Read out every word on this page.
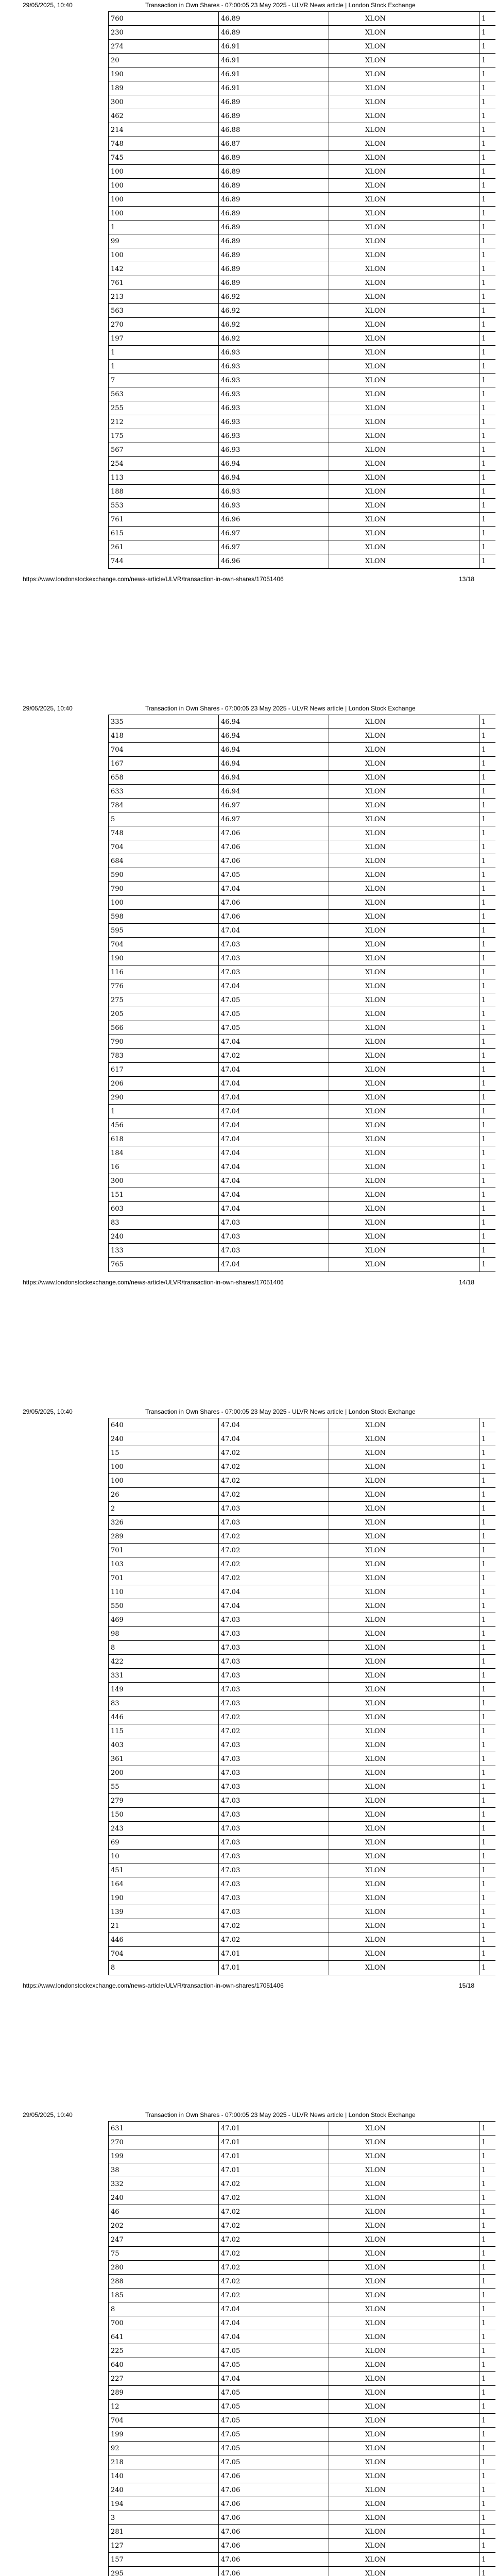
29/05/2025, 10:40	Transaction in Own Shares - 07:00:05 23 May 2025 - ULVR News article | London Stock Exchange
760	46.89	XLON	1
230	46.89	XLON	1
274	46.91	XLON	1
20	46.91	XLON	1
190	46.91	XLON	1
189	46.91	XLON	1
300	46.89	XLON	1
462	46.89	XLON	1
214	46.88	XLON	1
748	46.87	XLON	1
745	46.89	XLON	1
100	46.89	XLON	1
100	46.89	XLON	1
100	46.89	XLON	1
100	46.89	XLON	1
1	46.89	XLON	1
99	46.89	XLON	1
100	46.89	XLON	1
142	46.89	XLON	1
761	46.89	XLON	1
213	46.92	XLON	1
563	46.92	XLON	1
270	46.92	XLON	1
197	46.92	XLON	1
1	46.93	XLON	1
1	46.93	XLON	1
7	46.93	XLON	1
563	46.93	XLON	1
255	46.93	XLON	1
212	46.93	XLON	1
175	46.93	XLON	1
567	46.93	XLON	1
254	46.94	XLON	1
113	46.94	XLON	1
188	46.93	XLON	1
553	46.93	XLON	1
761	46.96	XLON	1
615	46.97	XLON	1
261	46.97	XLON	1
744	46.96	XLON	1
https://www.londonstockexchange.com/news-article/ULVR/transaction-in-own-shares/17051406	13/18
29/05/2025, 10:40	Transaction in Own Shares - 07:00:05 23 May 2025 - ULVR News article | London Stock Exchange
335	46.94	XLON	1
418	46.94	XLON	1
704	46.94	XLON	1
167	46.94	XLON	1
658	46.94	XLON	1
633	46.94	XLON	1
784	46.97	XLON	1
5	46.97	XLON	1
748	47.06	XLON	1
704	47.06	XLON	1
684	47.06	XLON	1
590	47.05	XLON	1
790	47.04	XLON	1
100	47.06	XLON	1
598	47.06	XLON	1
595	47.04	XLON	1
704	47.03	XLON	1
190	47.03	XLON	1
116	47.03	XLON	1
776	47.04	XLON	1
275	47.05	XLON	1
205	47.05	XLON	1
566	47.05	XLON	1
790	47.04	XLON	1
783	47.02	XLON	1
617	47.04	XLON	1
206	47.04	XLON	1
290	47.04	XLON	1
1	47.04	XLON	1
456	47.04	XLON	1
618	47.04	XLON	1
184	47.04	XLON	1
16	47.04	XLON	1
300	47.04	XLON	1
151	47.04	XLON	1
603	47.04	XLON	1
83	47.03	XLON	1
240	47.03	XLON	1
133	47.03	XLON	1
765	47.04	XLON	1
https://www.londonstockexchange.com/news-article/ULVR/transaction-in-own-shares/17051406	14/18
29/05/2025, 10:40	Transaction in Own Shares - 07:00:05 23 May 2025 - ULVR News article | London Stock Exchange
640	47.04	XLON	1
240	47.04	XLON	1
15	47.02	XLON	1
100	47.02	XLON	1
100	47.02	XLON	1
26	47.02	XLON	1
2	47.03	XLON	1
326	47.03	XLON	1
289	47.02	XLON	1
701	47.02	XLON	1
103	47.02	XLON	1
701	47.02	XLON	1
110	47.04	XLON	1
550	47.04	XLON	1
469	47.03	XLON	1
98	47.03	XLON	1
8	47.03	XLON	1
422	47.03	XLON	1
331	47.03	XLON	1
149	47.03	XLON	1
83	47.03	XLON	1
446	47.02	XLON	1
115	47.02	XLON	1
403	47.03	XLON	1
361	47.03	XLON	1
200	47.03	XLON	1
55	47.03	XLON	1
279	47.03	XLON	1
150	47.03	XLON	1
243	47.03	XLON	1
69	47.03	XLON	1
10	47.03	XLON	1
451	47.03	XLON	1
164	47.03	XLON	1
190	47.03	XLON	1
139	47.03	XLON	1
21	47.02	XLON	1
446	47.02	XLON	1
704	47.01	XLON	1
8	47.01	XLON	1
https://www.londonstockexchange.com/news-article/ULVR/transaction-in-own-shares/17051406	15/18
29/05/2025, 10:40	Transaction in Own Shares - 07:00:05 23 May 2025 - ULVR News article | London Stock Exchange
631	47.01	XLON	1
270	47.01	XLON	1
199	47.01	XLON	1
38	47.01	XLON	1
332	47.02	XLON	1
240	47.02	XLON	1
46	47.02	XLON	1
202	47.02	XLON	1
247	47.02	XLON	1
75	47.02	XLON	1
280	47.02	XLON	1
288	47.02	XLON	1
185	47.02	XLON	1
8	47.04	XLON	1
700	47.04	XLON	1
641	47.04	XLON	1
225	47.05	XLON	1
640	47.05	XLON	1
227	47.04	XLON	1
289	47.05	XLON	1
12	47.05	XLON	1
704	47.05	XLON	1
199	47.05	XLON	1
92	47.05	XLON	1
218	47.05	XLON	1
140	47.06	XLON	1
240	47.06	XLON	1
194	47.06	XLON	1
3	47.06	XLON	1
281	47.06	XLON	1
127	47.06	XLON	1
157	47.06	XLON	1
295	47.06	XLON	1
